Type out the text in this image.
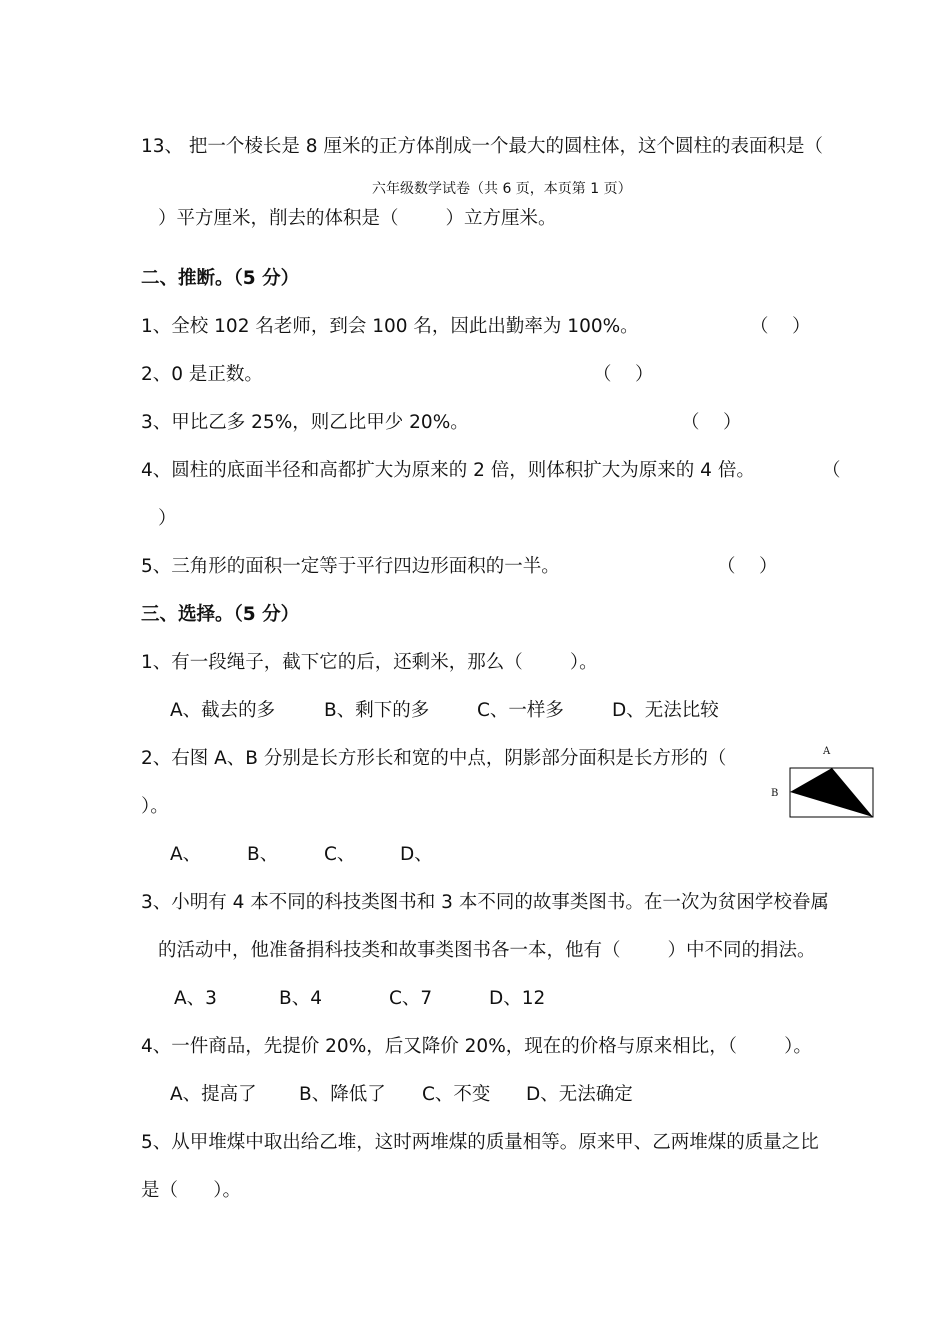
13、 把一个棱长是 8 厘米的正方体削成一个最大的圆柱体，这个圆柱的表面积是（
六年级数学试卷（共 6 页，本页第 1 页）
）平方厘米，削去的体积是（        ）立方厘米。
二、推断。（5 分）
1、全校 102 名老师，到会 100 名，因此出勤率为 100%。	（    ）
2、0 是正数。	（    ）
3、甲比乙多 25%，则乙比甲少 20%。	（    ）
4、圆柱的底面半径和高都扩大为原来的 2 倍，则体积扩大为原来的 4 倍。	（
）
5、三角形的面积一定等于平行四边形面积的一半。	（    ）
三、选择。（5 分）
1、有一段绳子，截下它的后，还剩米，那么（        ）。
A、截去的多	B、剩下的多	C、一样多	D、无法比较
2、右图 A、B 分别是长方形长和宽的中点，阴影部分面积是长方形的（
）。
A
B
A、 B、 C、 D、
3、小明有 4 本不同的科技类图书和 3 本不同的故事类图书。在一次为贫困学校眷属
的活动中，他准备捐科技类和故事类图书各一本，他有（        ）中不同的捐法。
A、3	B、4	C、7	D、12
4、一件商品，先提价 20%，后又降价 20%，现在的价格与原来相比，（        ）。
A、提高了 B、降低了 C、不变 D、无法确定
5、从甲堆煤中取出给乙堆，这时两堆煤的质量相等。原来甲、乙两堆煤的质量之比
是（      ）。
